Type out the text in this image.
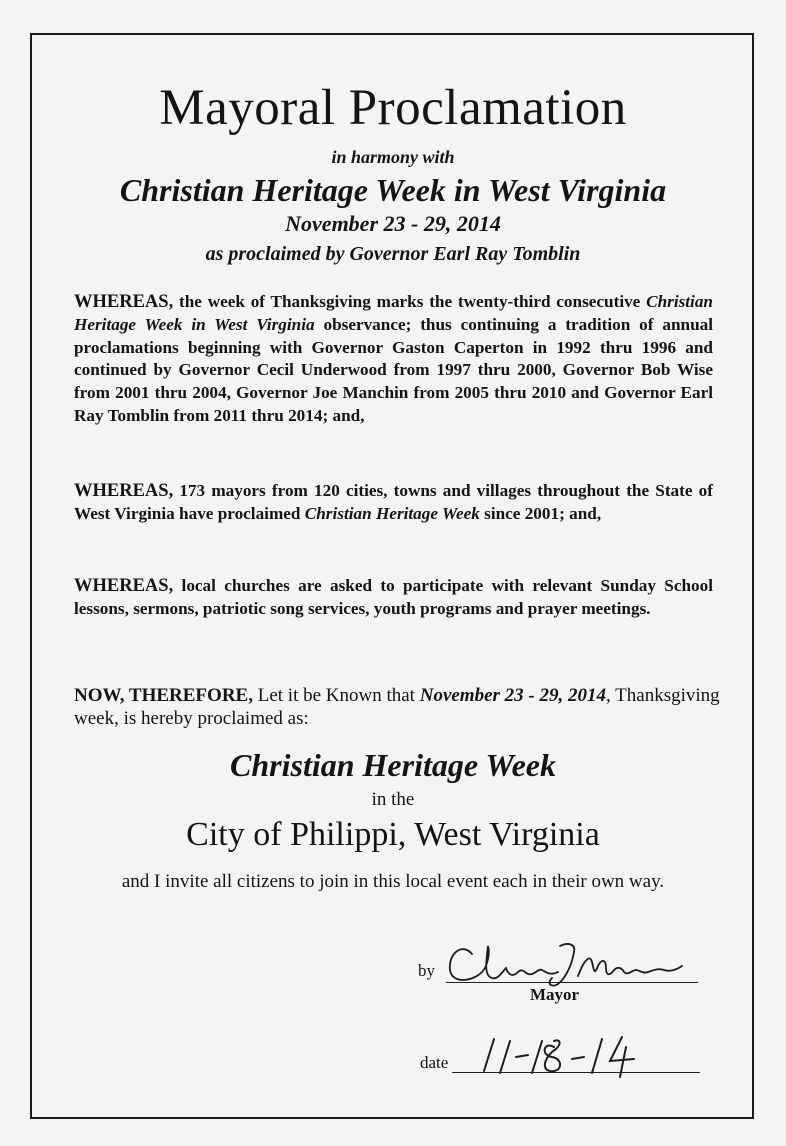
Mayoral Proclamation
in harmony with
Christian Heritage Week in West Virginia
November 23 - 29, 2014
as proclaimed by Governor Earl Ray Tomblin
WHEREAS, the week of Thanksgiving marks the twenty-third consecutive Christian Heritage Week in West Virginia observance; thus continuing a tradition of annual proclamations beginning with Governor Gaston Caperton in 1992 thru 1996 and continued by Governor Cecil Underwood from 1997 thru 2000, Governor Bob Wise from 2001 thru 2004, Governor Joe Manchin from 2005 thru 2010 and Governor Earl Ray Tomblin from 2011 thru 2014; and,
WHEREAS, 173 mayors from 120 cities, towns and villages throughout the State of West Virginia have proclaimed Christian Heritage Week since 2001; and,
WHEREAS, local churches are asked to participate with relevant Sunday School lessons, sermons, patriotic song services, youth programs and prayer meetings.
NOW, THEREFORE, Let it be Known that November 23 - 29, 2014, Thanksgiving week, is hereby proclaimed as:
Christian Heritage Week
in the
City of Philippi, West Virginia
and I invite all citizens to join in this local event each in their own way.
by
Mayor
date
